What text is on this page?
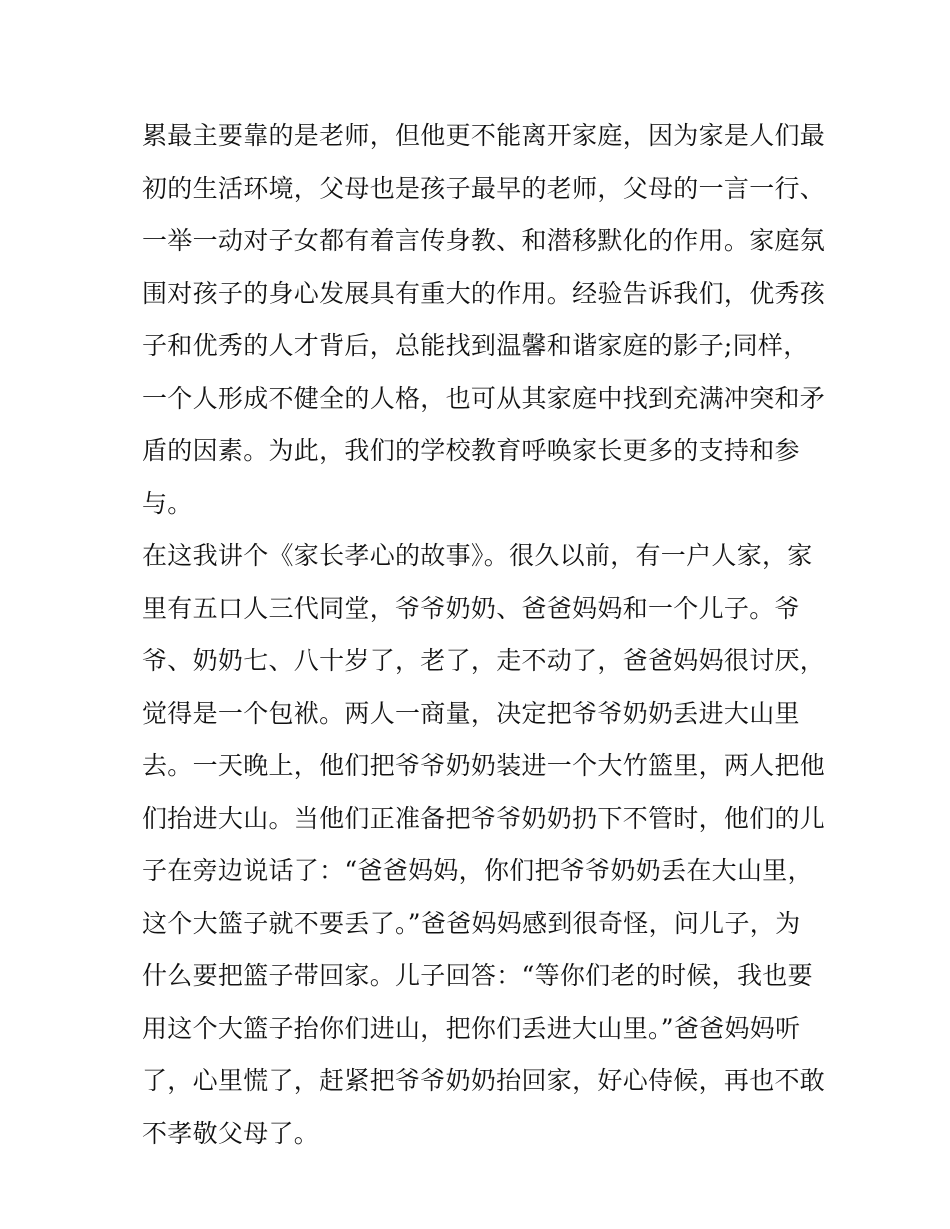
累最主要靠的是老师，但他更不能离开家庭，因为家是人们最
初的生活环境，父母也是孩子最早的老师，父母的一言一行、
一举一动对子女都有着言传身教、和潜移默化的作用。家庭氛
围对孩子的身心发展具有重大的作用。经验告诉我们，优秀孩
子和优秀的人才背后，总能找到温馨和谐家庭的影子;同样，
一个人形成不健全的人格，也可从其家庭中找到充满冲突和矛
盾的因素。为此，我们的学校教育呼唤家长更多的支持和参
与。
在这我讲个《家长孝心的故事》。很久以前，有一户人家，家
里有五口人三代同堂，爷爷奶奶、爸爸妈妈和一个儿子。爷
爷、奶奶七、八十岁了，老了，走不动了，爸爸妈妈很讨厌，
觉得是一个包袱。两人一商量，决定把爷爷奶奶丢进大山里
去。一天晚上，他们把爷爷奶奶装进一个大竹篮里，两人把他
们抬进大山。当他们正准备把爷爷奶奶扔下不管时，他们的儿
子在旁边说话了：“爸爸妈妈，你们把爷爷奶奶丢在大山里，
这个大篮子就不要丢了。”爸爸妈妈感到很奇怪，问儿子，为
什么要把篮子带回家。儿子回答：“等你们老的时候，我也要
用这个大篮子抬你们进山，把你们丢进大山里。”爸爸妈妈听
了，心里慌了，赶紧把爷爷奶奶抬回家，好心侍候，再也不敢
不孝敬父母了。
